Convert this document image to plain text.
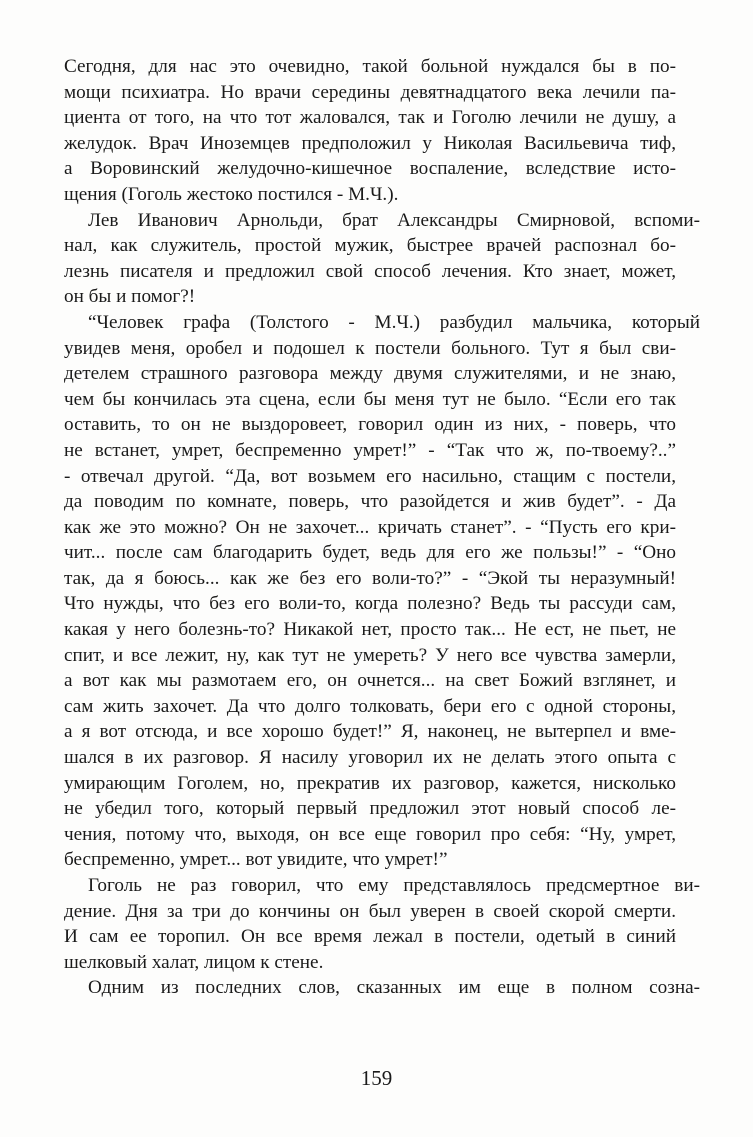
Сегодня, для нас это очевидно, такой больной нуждался бы в по-
мощи психиатра. Но врачи середины девятнадцатого века лечили па-
циента от того, на что тот жаловался, так и Гоголю лечили не душу, а
желудок. Врач Иноземцев предположил у Николая Васильевича тиф,
а Воровинский желудочно-кишечное воспаление, вследствие исто-
щения (Гоголь жестоко постился - М.Ч.).
Лев Иванович Арнольди, брат Александры Смирновой, вспоми-
нал, как служитель, простой мужик, быстрее врачей распознал бо-
лезнь писателя и предложил свой способ лечения. Кто знает, может,
он бы и помог?!
“Человек графа (Толстого - М.Ч.) разбудил мальчика, который
увидев меня, оробел и подошел к постели больного. Тут я был сви-
детелем страшного разговора между двумя служителями, и не знаю,
чем бы кончилась эта сцена, если бы меня тут не было. “Если его так
оставить, то он не выздоровеет, говорил один из них, - поверь, что
не встанет, умрет, беспременно умрет!” - “Так что ж, по-твоему?..”
- отвечал другой. “Да, вот возьмем его насильно, стащим с постели,
да поводим по комнате, поверь, что разойдется и жив будет”. - Да
как же это можно? Он не захочет... кричать станет”. - “Пусть его кри-
чит... после сам благодарить будет, ведь для его же пользы!” - “Оно
так, да я боюсь... как же без его воли-то?” - “Экой ты неразумный!
Что нужды, что без его воли-то, когда полезно? Ведь ты рассуди сам,
какая у него болезнь-то? Никакой нет, просто так... Не ест, не пьет, не
спит, и все лежит, ну, как тут не умереть? У него все чувства замерли,
а вот как мы размотаем его, он очнется... на свет Божий взглянет, и
сам жить захочет. Да что долго толковать, бери его с одной стороны,
а я вот отсюда, и все хорошо будет!” Я, наконец, не вытерпел и вме-
шался в их разговор. Я насилу уговорил их не делать этого опыта с
умирающим Гоголем, но, прекратив их разговор, кажется, нисколько
не убедил того, который первый предложил этот новый способ ле-
чения, потому что, выходя, он все еще говорил про себя: “Ну, умрет,
беспременно, умрет... вот увидите, что умрет!”
Гоголь не раз говорил, что ему представлялось предсмертное ви-
дение. Дня за три до кончины он был уверен в своей скорой смерти.
И сам ее торопил. Он все время лежал в постели, одетый в синий
шелковый халат, лицом к стене.
Одним из последних слов, сказанных им еще в полном созна-
159
